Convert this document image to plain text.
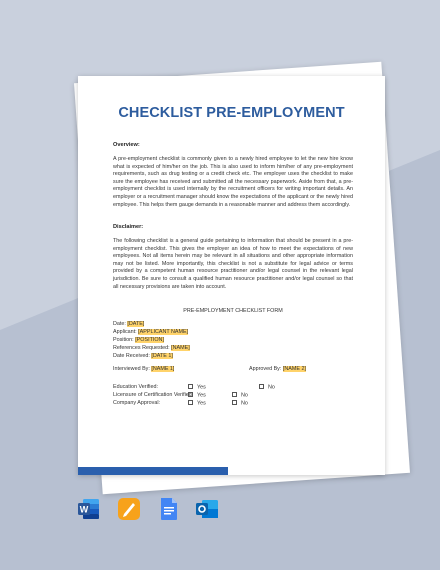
CHECKLIST PRE-EMPLOYMENT
Overview:
A pre-employment checklist is commonly given to a newly hired employee to let the new hire know what is expected of him/her on the job. This is also used to inform him/her of any pre-employment requirements, such as drug testing or a credit check etc. The employer uses the checklist to make sure the employee has received and submitted all the necessary paperwork. Aside from that, a pre-employment checklist is used internally by the recruitment officers for writing important details. An employer or a recruitment manager should know the expectations of the applicant or the newly hired employee. This helps them gauge demands in a reasonable manner and address them accordingly.
Disclaimer:
The following checklist is a general guide pertaining to information that should be present in a pre-employment checklist. This gives the employer an idea of how to meet the expectations of new employees. Not all items herein may be relevant in all situations and other appropriate information may not be listed. More importantly, this checklist is not a substitute for legal advice or terms provided by a competent human resource practitioner and/or legal counsel in the relevant legal jurisdiction. Be sure to consult a qualified human resource practitioner and/or legal counsel so that all necessary provisions are taken into account.
PRE-EMPLOYMENT CHECKLIST FORM
Date: [DATE]
Applicant: [APPLICANT NAME]
Position: [POSITION]
References Requested: [NAME]
Date Received: [DATE 1]
Interviewed By: [NAME 1]	Approved By: [NAME 2]
Education Verified:	Yes	No
Licensure of Certification Verified: Yes	No
Company Approval:	Yes	No
W
